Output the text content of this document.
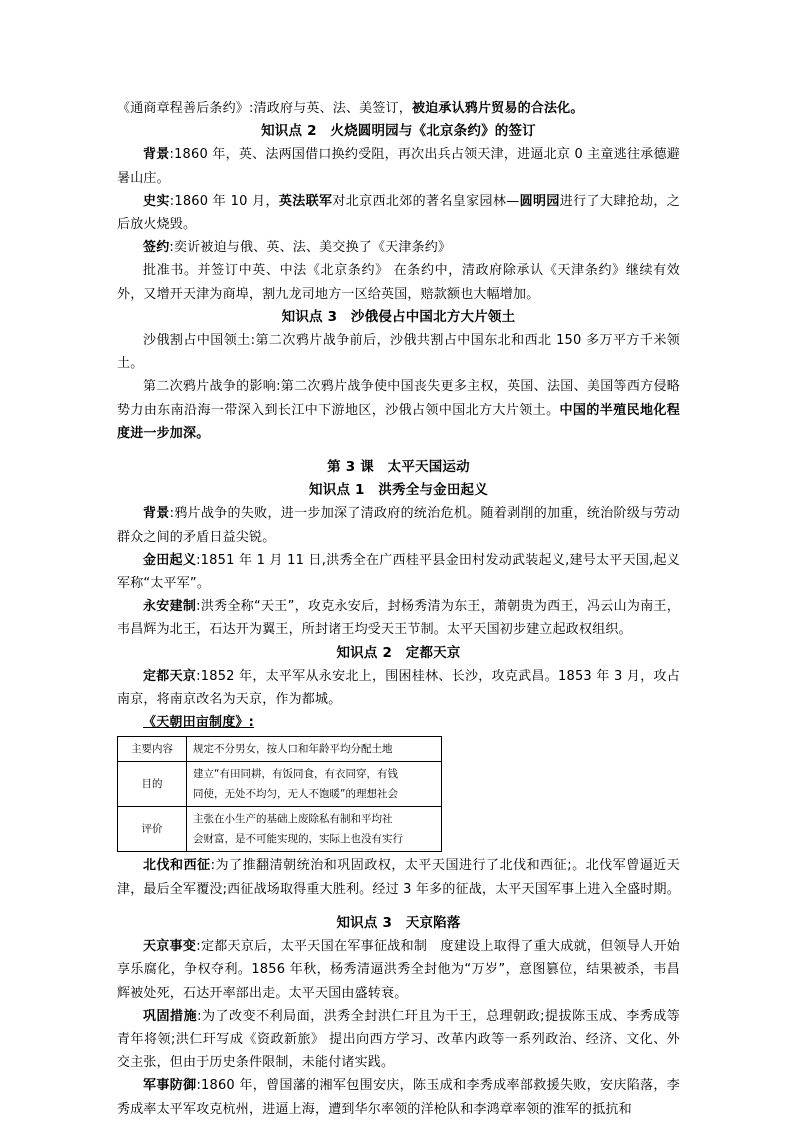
《通商章程善后条约》:清政府与英、法、美签订，被迫承认鸦片贸易的合法化。

知识点 2　火烧圆明园与《北京条约》的签订

背景:1860 年，英、法两国借口换约受阻，再次出兵占领天津，进逼北京 0 主童逃往承德避暑山庄。

史实:1860 年 10 月，英法联军对北京西北郊的著名皇家园林—圆明园进行了大肆抢劫，之后放火烧毁。

签约:奕䜣被迫与俄、英、法、美交换了《天津条约》

批准书。并签订中英、中法《北京条约》 在条约中，清政府除承认《天津条约》继续有效外，又增开天津为商埠，割九龙司地方一区给英国，赔款额也大幅增加。

知识点 3　沙俄侵占中国北方大片领土

沙俄割占中国领土:第二次鸦片战争前后，沙俄共割占中国东北和西北 150 多万平方千米领土。

第二次鸦片战争的影响:第二次鸦片战争使中国丧失更多主权，英国、法国、美国等西方侵略势力由东南沿海一带深入到长江中下游地区，沙俄占领中国北方大片领土。中国的半殖民地化程度进一步加深。

第 3 课　太平天国运动

知识点 1　洪秀全与金田起义

背景:鸦片战争的失败，进一步加深了清政府的统治危机。随着剥削的加重，统治阶级与劳动群众之间的矛盾日益尖锐。

金田起义:1851 年 1 月 11 日,洪秀全在广西桂平县金田村发动武装起义,建号太平天国,起义军称“太平军”。

永安建制:洪秀全称“天王”，攻克永安后，封杨秀清为东王，萧朝贵为西王，冯云山为南王，韦昌辉为北王，石达开为翼王，所封诸王均受天王节制。太平天国初步建立起政权组织。

知识点 2　定都天京

定都天京:1852 年，太平军从永安北上，围困桂林、长沙，攻克武昌。1853 年 3 月，攻占南京，将南京改名为天京，作为都城。

《天朝田亩制度》:

主要内容	规定不分男女，按人口和年龄平均分配土地
目的	建立“有田同耕，有饭同食，有衣同穿，有钱
同使，无处不均匀，无人不饱暖”的理想社会
评价	主张在小生产的基础上废除私有制和平均社
会财富，是不可能实现的，实际上也没有实行

北伐和西征:为了推翻清朝统治和巩固政权，太平天国进行了北伐和西征;。北伐军曾逼近天津，最后全军覆没;西征战场取得重大胜利。经过 3 年多的征战，太平天国军事上进入全盛时期。

知识点 3　天京陷落

天京事变:定都天京后，太平天国在军事征战和制　度建设上取得了重大成就，但领导人开始享乐腐化，争权夺利。1856 年秋，杨秀清逼洪秀全封他为“万岁”，意图篡位，结果被杀，韦昌辉被处死，石达开率部出走。太平天国由盛转衰。

巩固措施:为了改变不利局面，洪秀全封洪仁玕且为干王，总理朝政;提拔陈玉成、李秀成等青年将领;洪仁玕写成《资政新旅》 提出向西方学习、改革内政等一系列政治、经济、文化、外交主张，但由于历史条件限制，未能付诸实践。

军事防御:1860 年，曾国藩的湘军包围安庆，陈玉成和李秀成率部救援失败，安庆陷落，李秀成率太平军攻克杭州，进逼上海，遭到华尔率领的洋枪队和李鸿章率领的淮军的抵抗和
